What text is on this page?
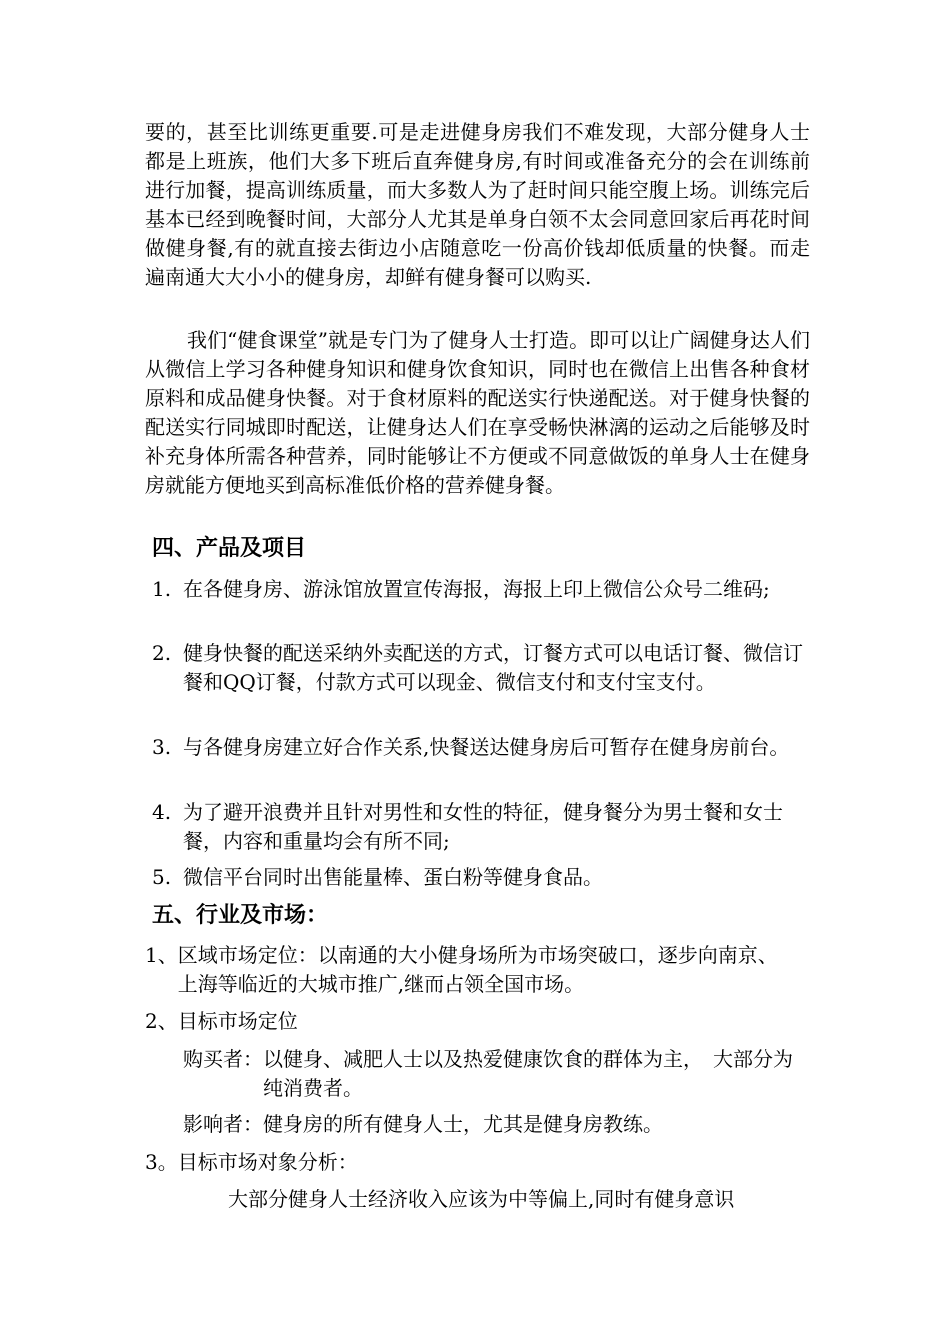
要的，甚至比训练更重要.可是走进健身房我们不难发现，大部分健身人士都是上班族，他们大多下班后直奔健身房,有时间或准备充分的会在训练前进行加餐，提高训练质量，而大多数人为了赶时间只能空腹上场。训练完后基本已经到晚餐时间，大部分人尤其是单身白领不太会同意回家后再花时间做健身餐,有的就直接去街边小店随意吃一份高价钱却低质量的快餐。而走遍南通大大小小的健身房，却鲜有健身餐可以购买.

我们“健食课堂”就是专门为了健身人士打造。即可以让广阔健身达人们从微信上学习各种健身知识和健身饮食知识，同时也在微信上出售各种食材原料和成品健身快餐。对于食材原料的配送实行快递配送。对于健身快餐的配送实行同城即时配送，让健身达人们在享受畅快淋漓的运动之后能够及时补充身体所需各种营养，同时能够让不方便或不同意做饭的单身人士在健身房就能方便地买到高标准低价格的营养健身餐。

四、产品及项目
1. 在各健身房、游泳馆放置宣传海报，海报上印上微信公众号二维码;
2. 健身快餐的配送采纳外卖配送的方式，订餐方式可以电话订餐、微信订餐和QQ订餐，付款方式可以现金、微信支付和支付宝支付。
3. 与各健身房建立好合作关系,快餐送达健身房后可暂存在健身房前台。
4. 为了避开浪费并且针对男性和女性的特征，健身餐分为男士餐和女士餐，内容和重量均会有所不同;
5. 微信平台同时出售能量棒、蛋白粉等健身食品。
五、行业及市场：
1、 区域市场定位：以南通的大小健身场所为市场突破口，逐步向南京、　　　上海等临近的大城市推广,继而占领全国市场。
2、 目标市场定位
购买者： 以健身、减肥人士以及热爱健康饮食的群体为主，　大部分为纯消费者。
影响者： 健身房的所有健身人士，尤其是健身房教练。
3。 目标市场对象分析：

大部分健身人士经济收入应该为中等偏上,同时有健身意识
